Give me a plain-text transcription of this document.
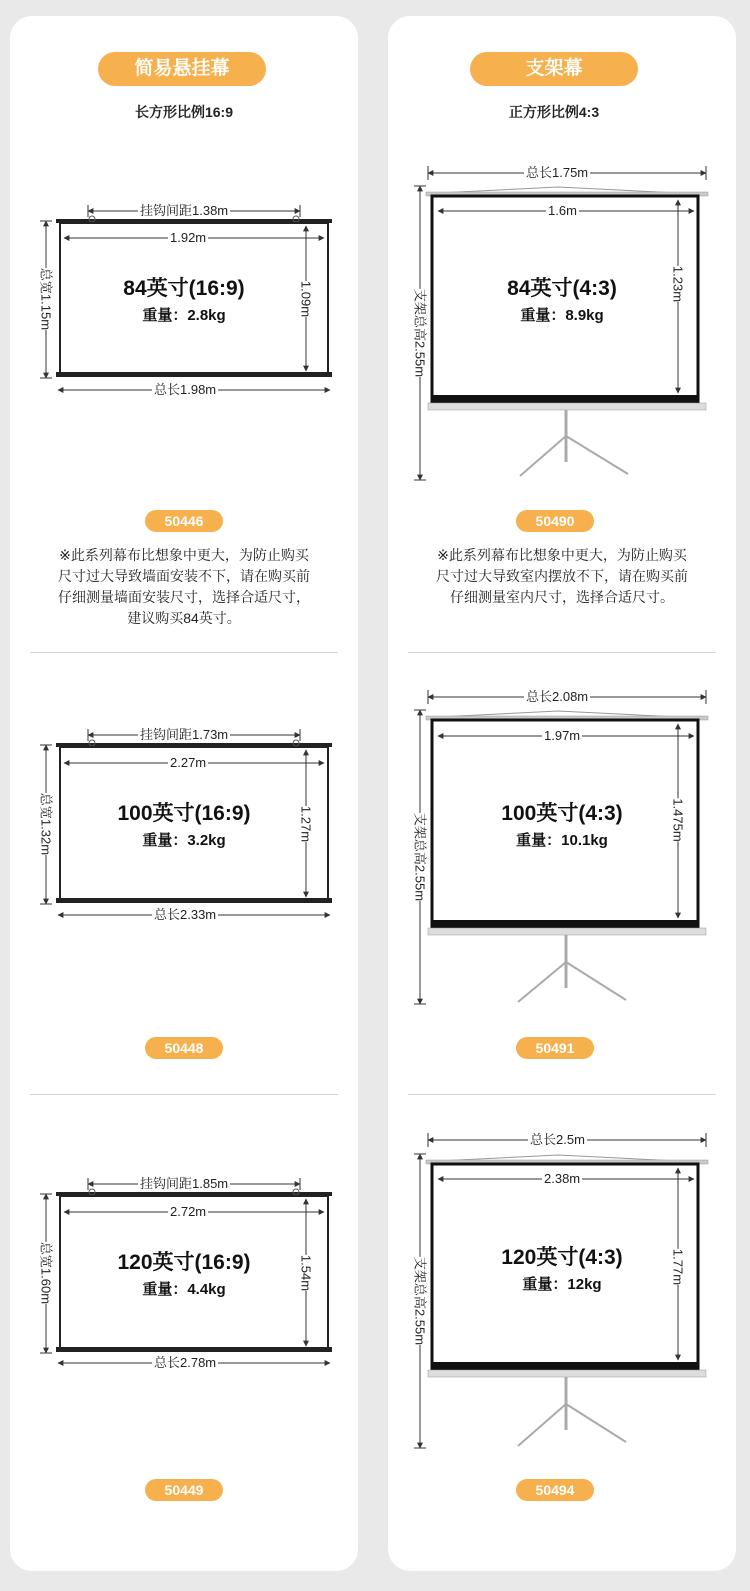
简易悬挂幕
长方形比例16:9
挂钩间距1.38m
1.92m
1.09m
总宽1.15m
总长1.98m
84英寸(16:9)
重量：2.8kg
50446
※此系列幕布比想象中更大，为防止购买
尺寸过大导致墙面安装不下，请在购买前
仔细测量墙面安装尺寸，选择合适尺寸，
建议购买84英寸。
挂钩间距1.73m
2.27m
1.27m
总宽1.32m
总长2.33m
100英寸(16:9)
重量：3.2kg
50448
挂钩间距1.85m
2.72m
1.54m
总宽1.60m
总长2.78m
120英寸(16:9)
重量：4.4kg
50449
支架幕
正方形比例4:3
总长1.75m
1.6m
1.23m
支架总高2.55m
84英寸(4:3)
重量：8.9kg
50490
※此系列幕布比想象中更大，为防止购买
尺寸过大导致室内摆放不下，请在购买前
仔细测量室内尺寸，选择合适尺寸。
总长2.08m
1.97m
1.475m
支架总高2.55m	100英寸(4:3)
重量：10.1kg
50491
总长2.5m
2.38m
1.77m
支架总高2.55m	120英寸(4:3)
重量：12kg
50494
